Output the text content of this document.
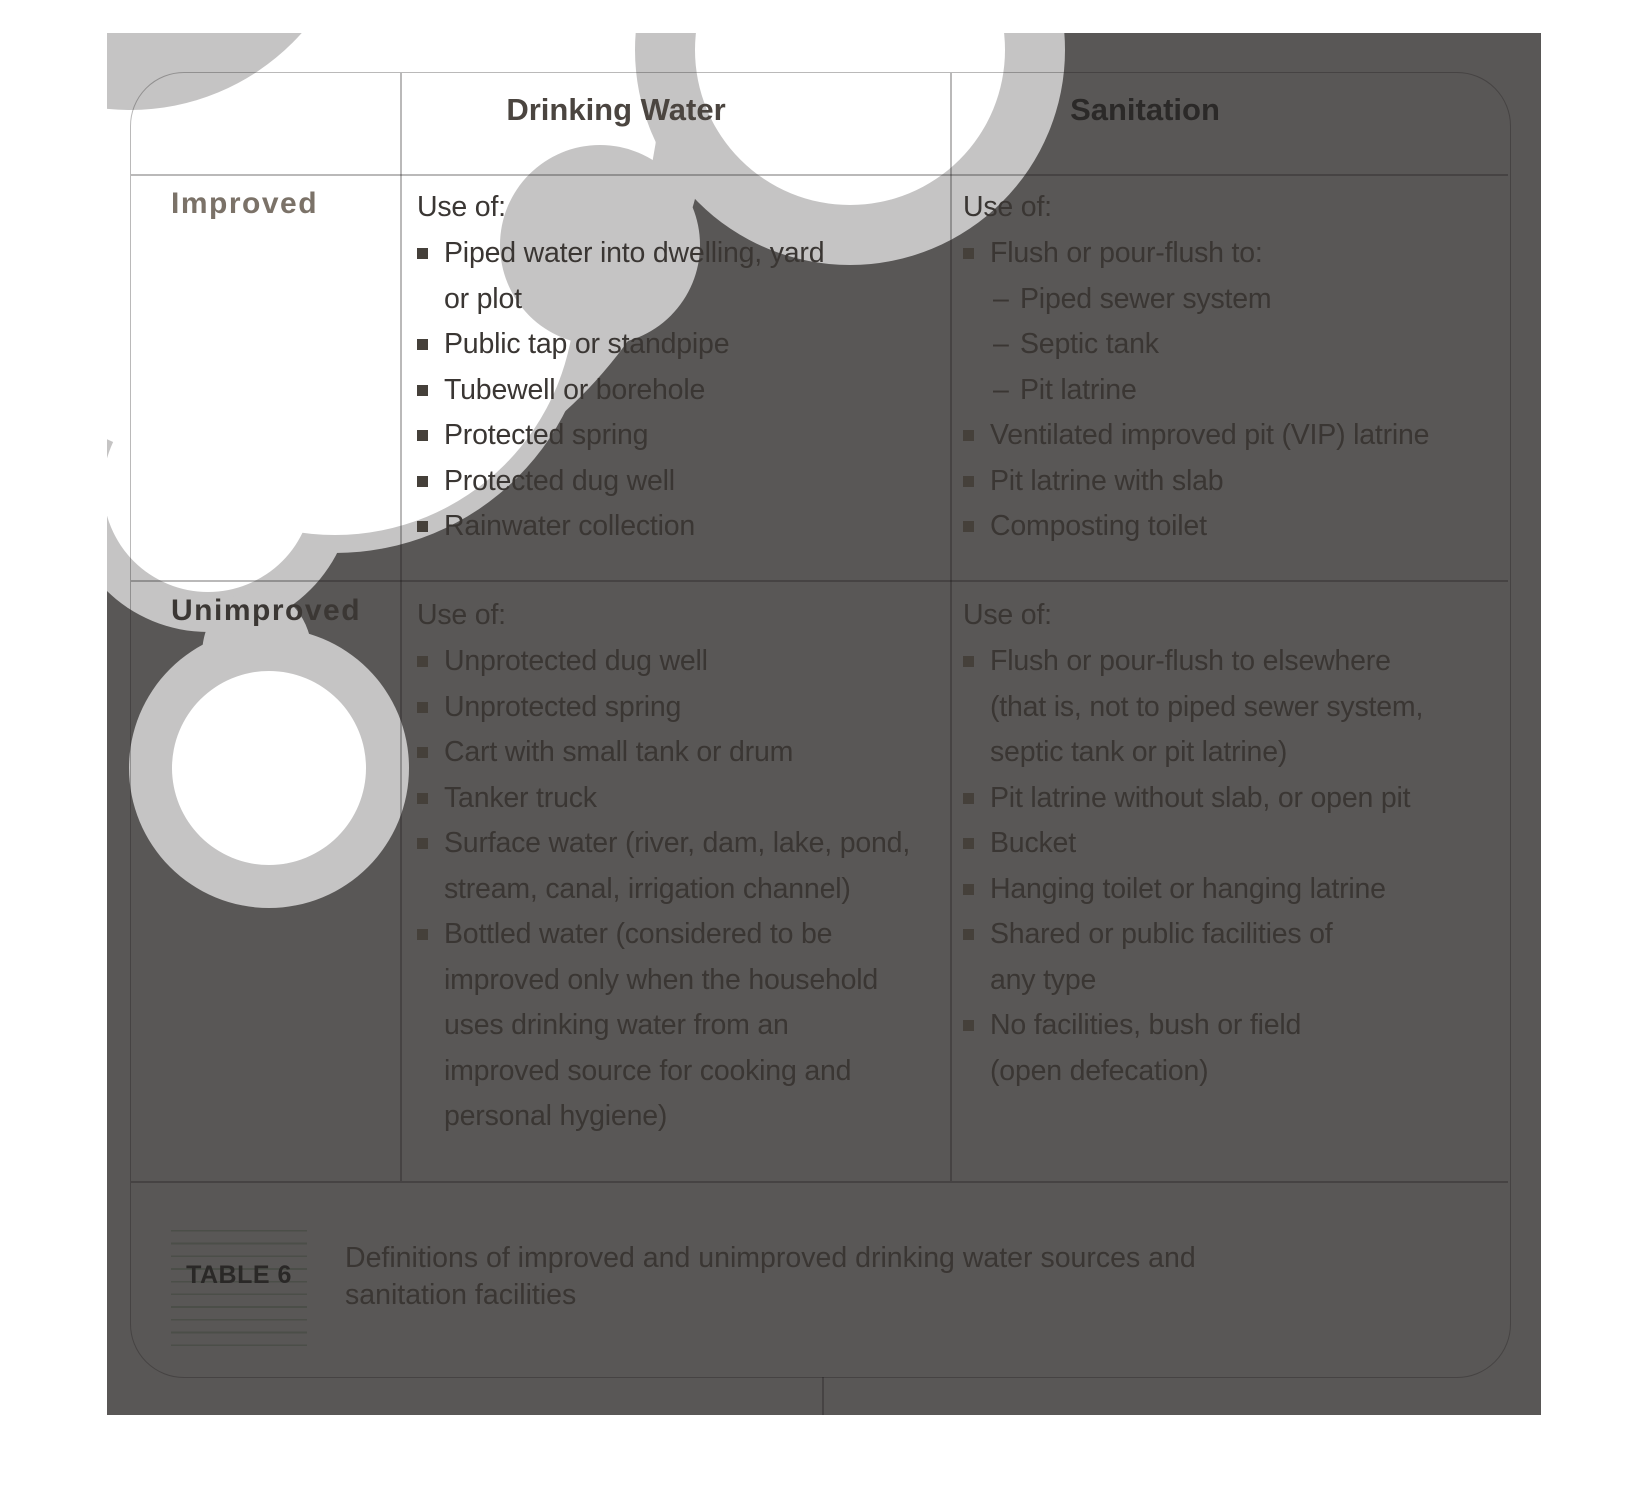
Drinking Water	Sanitation
Improved
Unimproved
Use of:
Piped water into dwelling, yard
or plot
Public tap or standpipe
Tubewell or borehole
Protected spring
Protected dug well
Rainwater collection
Use of:
Flush or pour-flush to:
– Piped sewer system
– Septic tank
– Pit latrine
Ventilated improved pit (VIP) latrine
Pit latrine with slab
Composting toilet
Use of:
Unprotected dug well
Unprotected spring
Cart with small tank or drum
Tanker truck
Surface water (river, dam, lake, pond,
stream, canal, irrigation channel)
Bottled water (considered to be
improved only when the household
uses drinking water from an
improved source for cooking and
personal hygiene)
Use of:
Flush or pour-flush to elsewhere
(that is, not to piped sewer system,
septic tank or pit latrine)
Pit latrine without slab, or open pit
Bucket
Hanging toilet or hanging latrine
Shared or public facilities of
any type
No facilities, bush or field
(open defecation)
TABLE 6
Definitions of improved and unimproved drinking water sources and
sanitation facilities
